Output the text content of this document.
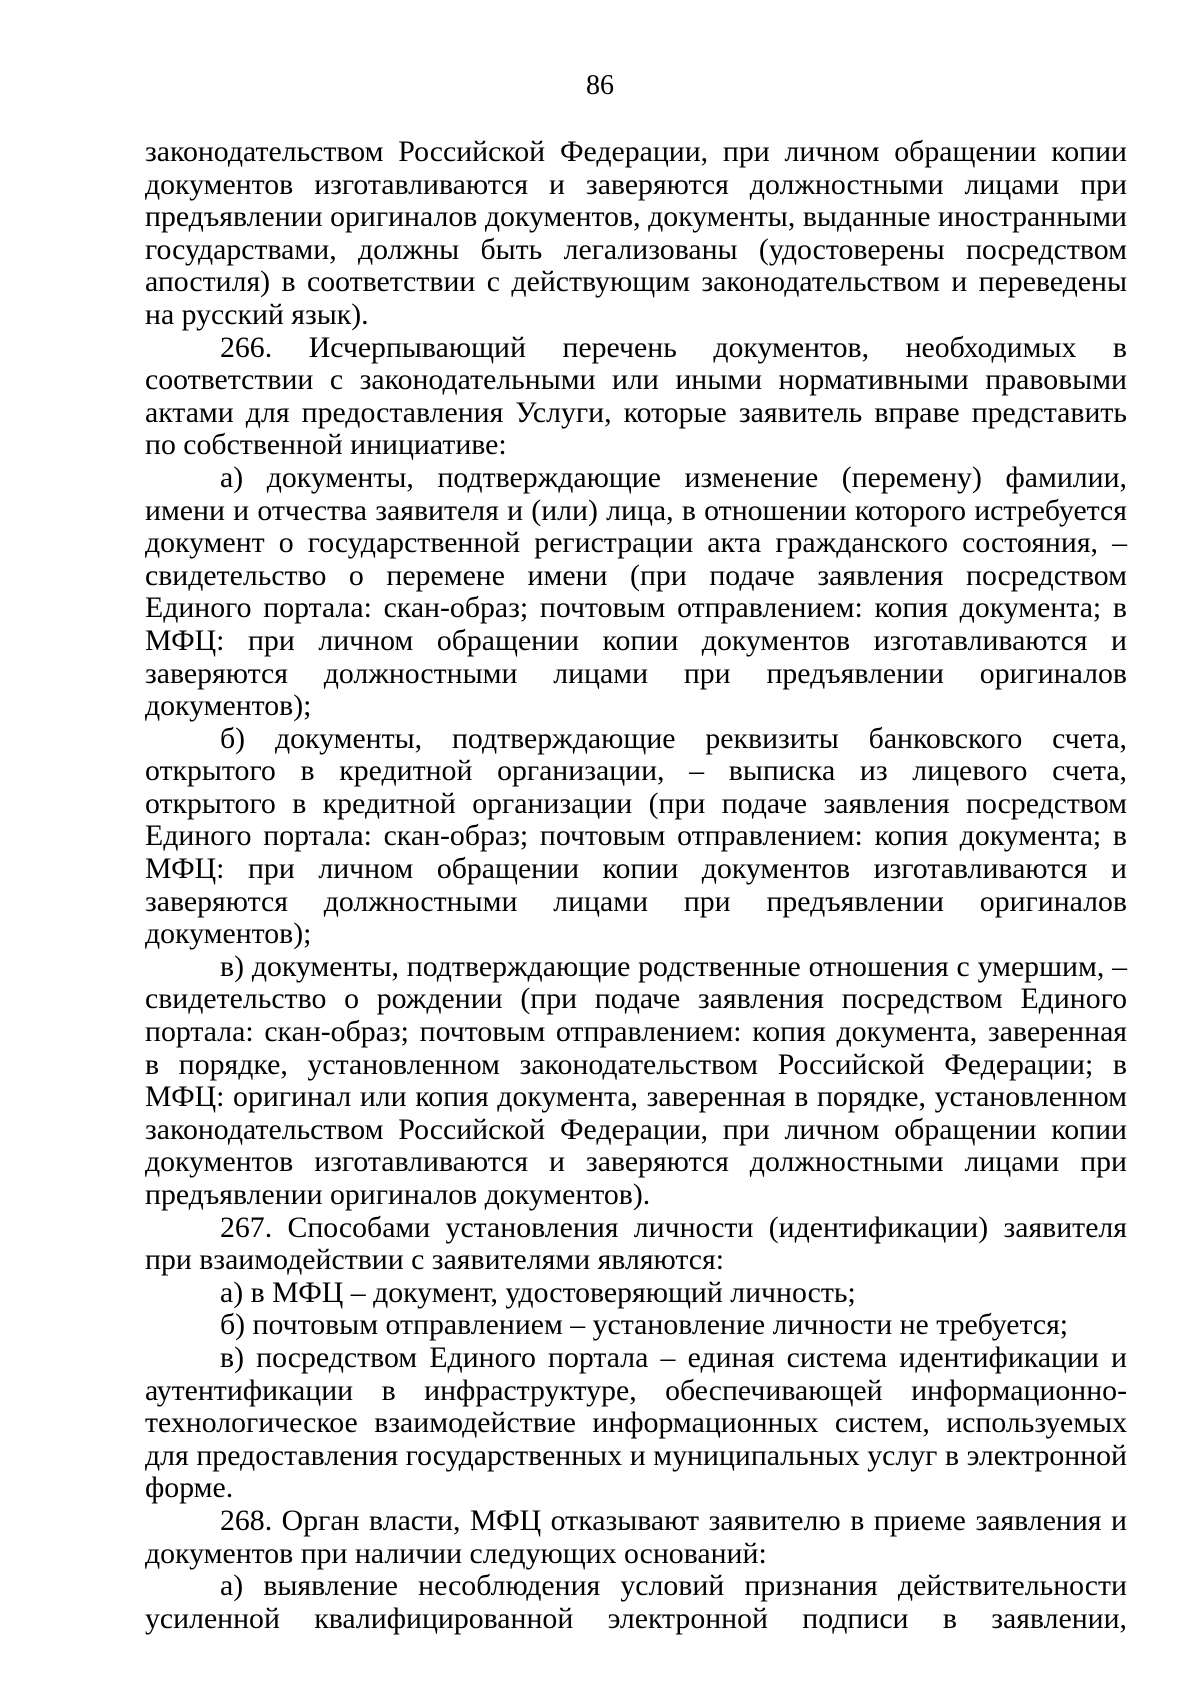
86

законодательством Российской Федерации, при личном обращении копии документов изготавливаются и заверяются должностными лицами при предъявлении оригиналов документов, документы, выданные иностранными государствами, должны быть легализованы (удостоверены посредством апостиля) в соответствии с действующим законодательством и переведены на русский язык).

266. Исчерпывающий перечень документов, необходимых в соответствии с законодательными или иными нормативными правовыми актами для предоставления Услуги, которые заявитель вправе представить по собственной инициативе:

а) документы, подтверждающие изменение (перемену) фамилии, имени и отчества заявителя и (или) лица, в отношении которого истребуется документ о государственной регистрации акта гражданского состояния, – свидетельство о перемене имени (при подаче заявления посредством Единого портала: скан-образ; почтовым отправлением: копия документа; в МФЦ: при личном обращении копии документов изготавливаются и заверяются должностными лицами при предъявлении оригиналов документов);

б) документы, подтверждающие реквизиты банковского счета, открытого в кредитной организации, – выписка из лицевого счета, открытого в кредитной организации (при подаче заявления посредством Единого портала: скан-образ; почтовым отправлением: копия документа; в МФЦ: при личном обращении копии документов изготавливаются и заверяются должностными лицами при предъявлении оригиналов документов);

в) документы, подтверждающие родственные отношения с умершим, – свидетельство о рождении (при подаче заявления посредством Единого портала: скан-образ; почтовым отправлением: копия документа, заверенная в порядке, установленном законодательством Российской Федерации; в МФЦ: оригинал или копия документа, заверенная в порядке, установленном законодательством Российской Федерации, при личном обращении копии документов изготавливаются и заверяются должностными лицами при предъявлении оригиналов документов).

267. Способами установления личности (идентификации) заявителя при взаимодействии с заявителями являются:

а) в МФЦ – документ, удостоверяющий личность;

б) почтовым отправлением – установление личности не требуется;

в) посредством Единого портала – единая система идентификации и аутентификации в инфраструктуре, обеспечивающей информационно-технологическое взаимодействие информационных систем, используемых для предоставления государственных и муниципальных услуг в электронной форме.

268. Орган власти, МФЦ отказывают заявителю в приеме заявления и документов при наличии следующих оснований:

а) выявление несоблюдения условий признания действительности усиленной квалифицированной электронной подписи в заявлении,
